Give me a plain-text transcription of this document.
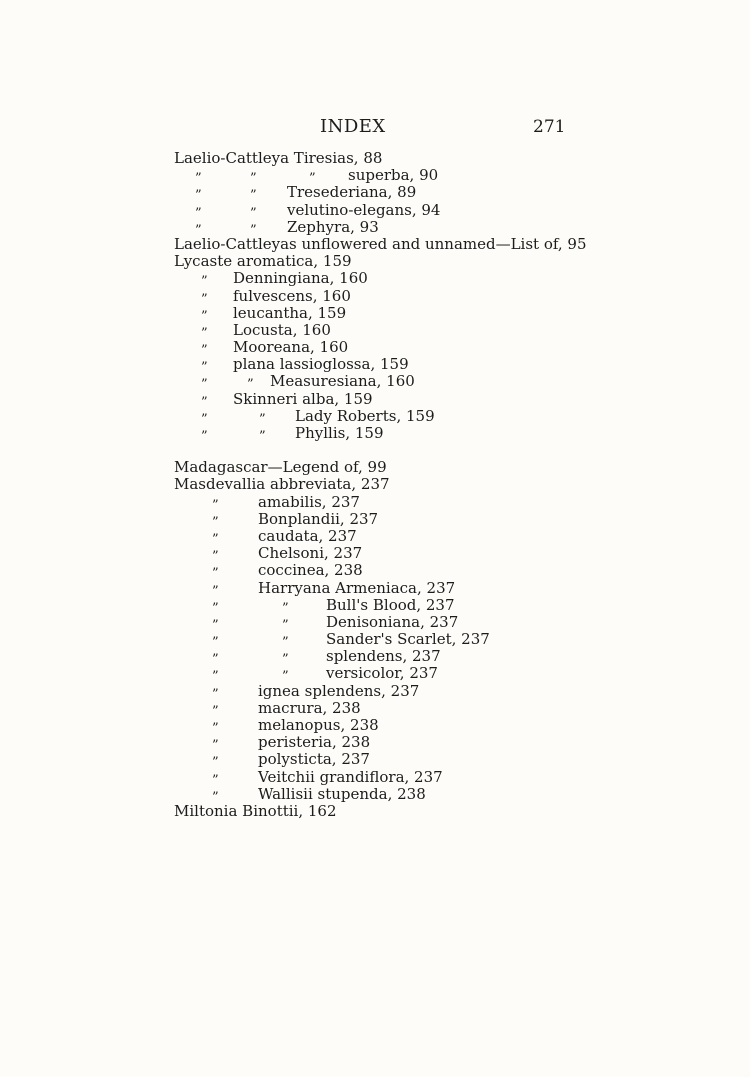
INDEX	271
Laelio-Cattleya Tiresias, 88
”	”	” superba, 90
”	” Tresederiana, 89
”	” velutino-elegans, 94
”	” Zephyra, 93
Laelio-Cattleyas unflowered and unnamed—List of, 95
Lycaste aromatica, 159
” Denningiana, 160
” fulvescens, 160
” leucantha, 159
” Locusta, 160
” Mooreana, 160
” plana lassioglossa, 159
”	” Measuresiana, 160
” Skinneri alba, 159
”	” Lady Roberts, 159
”	” Phyllis, 159
Madagascar—Legend of, 99
Masdevallia abbreviata, 237
”	amabilis, 237
”	Bonplandii, 237
”	caudata, 237
”	Chelsoni, 237
”	coccinea, 238
”	Harryana Armeniaca, 237
”	” Bull's Blood, 237
”	” Denisoniana, 237
”	” Sander's Scarlet, 237
”	” splendens, 237
”	” versicolor, 237
”	ignea splendens, 237
”	macrura, 238
”	melanopus, 238
”	peristeria, 238
”	polysticta, 237
”	Veitchii grandiflora, 237
”	Wallisii stupenda, 238
Miltonia Binottii, 162
